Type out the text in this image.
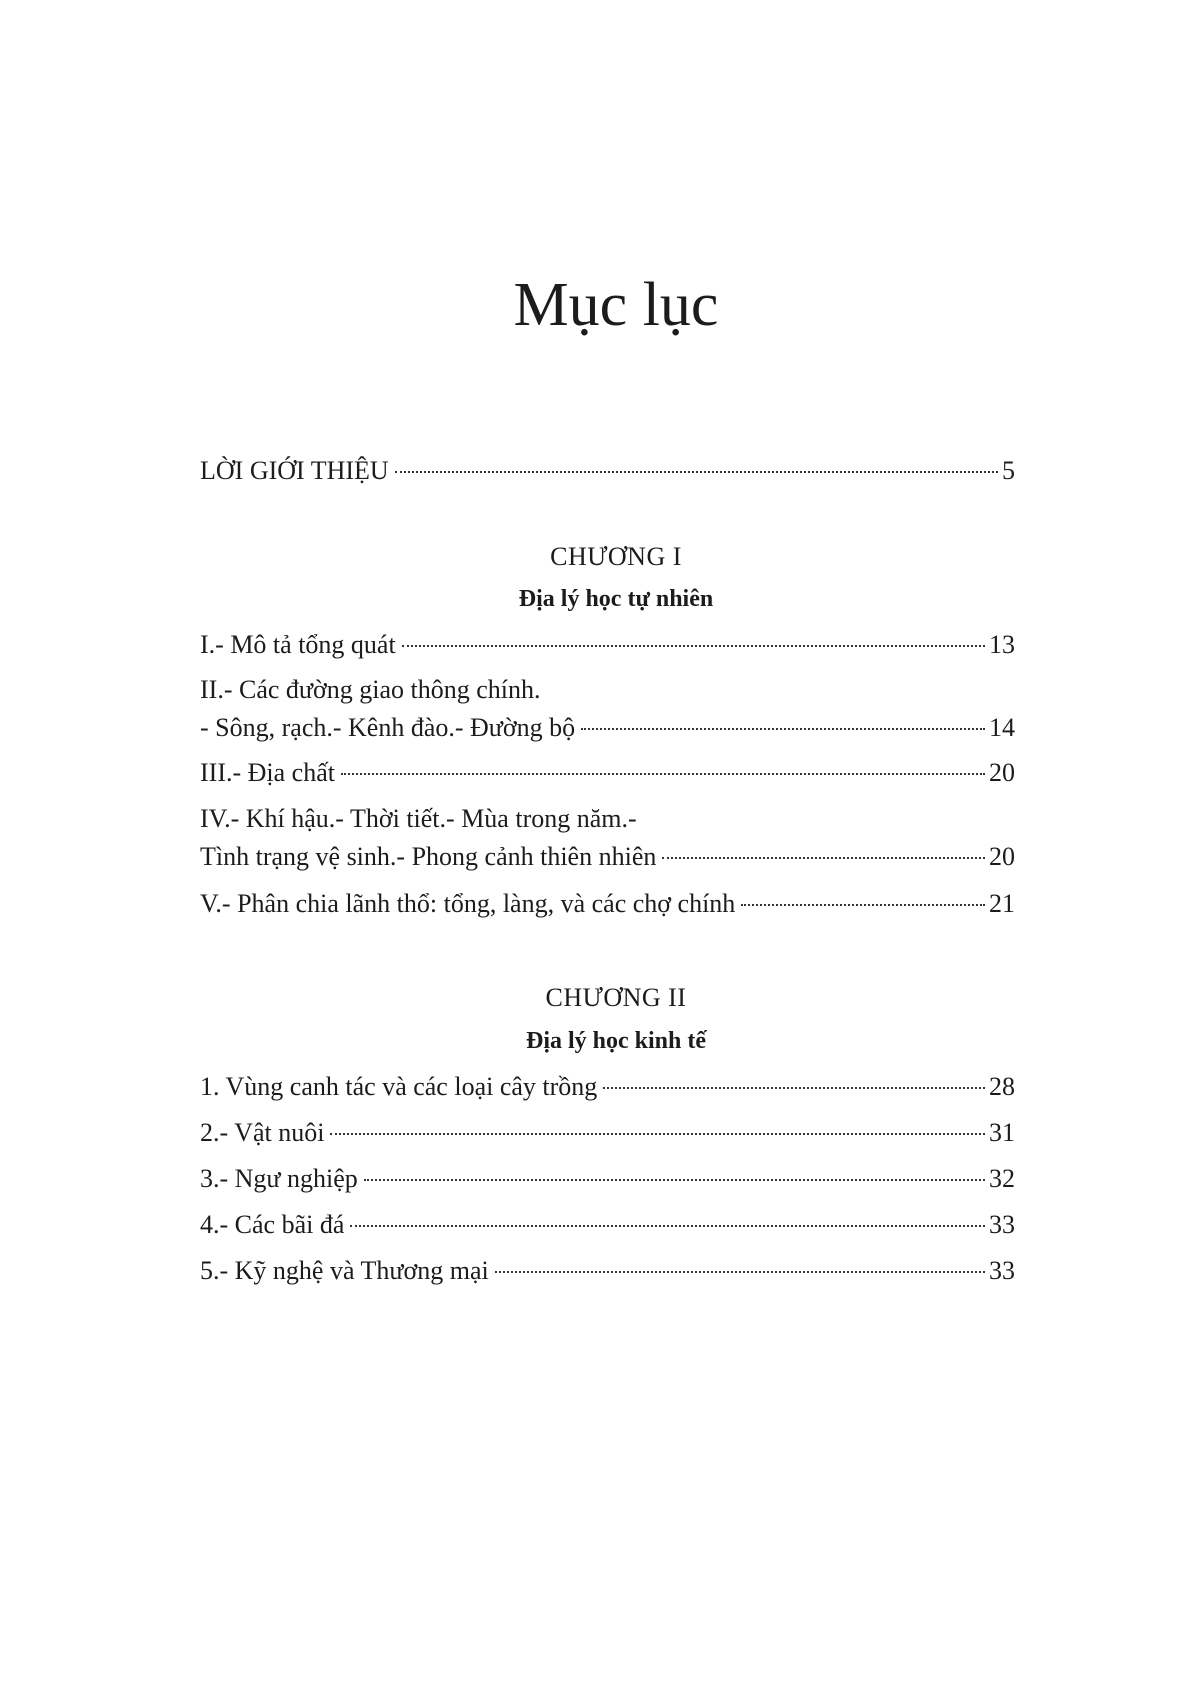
Mục lục
LỜI GIỚI THIỆU	5
CHƯƠNG I
Địa lý học tự nhiên
I.- Mô tả tổng quát	13
II.- Các đường giao thông chính.
- Sông, rạch.- Kênh đào.- Đường bộ	14
III.- Địa chất	20
IV.- Khí hậu.- Thời tiết.- Mùa trong năm.-
Tình trạng vệ sinh.- Phong cảnh thiên nhiên	20
V.- Phân chia lãnh thổ: tổng, làng, và các chợ chính	21
CHƯƠNG II
Địa lý học kinh tế
1. Vùng canh tác và các loại cây trồng	28
2.- Vật nuôi	31
3.- Ngư nghiệp	32
4.- Các bãi đá	33
5.- Kỹ nghệ và Thương mại	33
